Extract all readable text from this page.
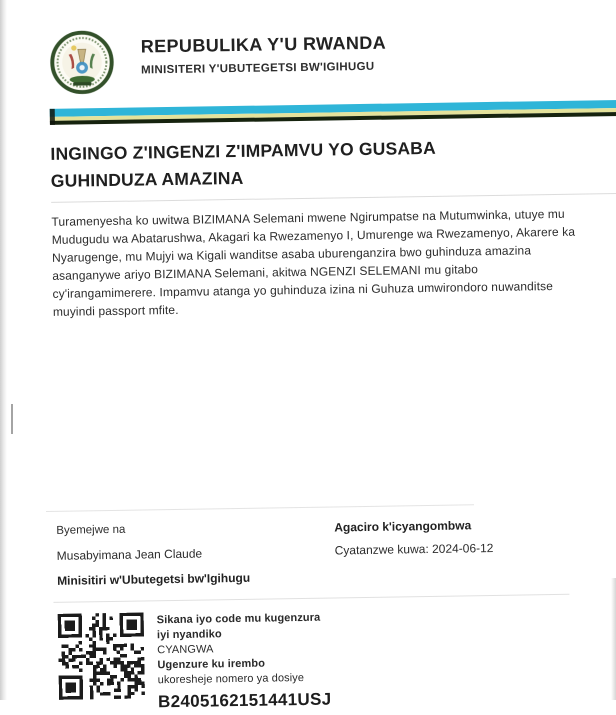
REPUBULIKA Y'U RWANDA
MINISITERI Y'UBUTEGETSI BW'IGIHUGU
INGINGO Z'INGENZI Z'IMPAMVU YO GUSABA GUHINDUZA AMAZINA

Turamenyesha ko uwitwa BIZIMANA Selemani mwene Ngirumpatse na Mutumwinka, utuye mu Mudugudu wa Abatarushwa, Akagari ka Rwezamenyo I, Umurenge wa Rwezamenyo, Akarere ka Nyarugenge, mu Mujyi wa Kigali wanditse asaba uburenganzira bwo guhinduza amazina asanganywe ariyo BIZIMANA Selemani, akitwa NGENZI SELEMANI mu gitabo cy'irangamimerere. Impamvu atanga yo guhinduza izina ni Guhuza umwirondoro nuwanditse muyindi passport mfite.

Byemejwe na
Musabyimana Jean Claude
Minisitiri w'Ubutegetsi bw'Igihugu
Agaciro k'icyangombwa
Cyatanzwe kuwa: 2024-06-12
Sikana iyo code mu kugenzura
iyi nyandiko
CYANGWA
Ugenzure ku irembo
ukoresheje nomero ya dosiye
B2405162151441USJ
